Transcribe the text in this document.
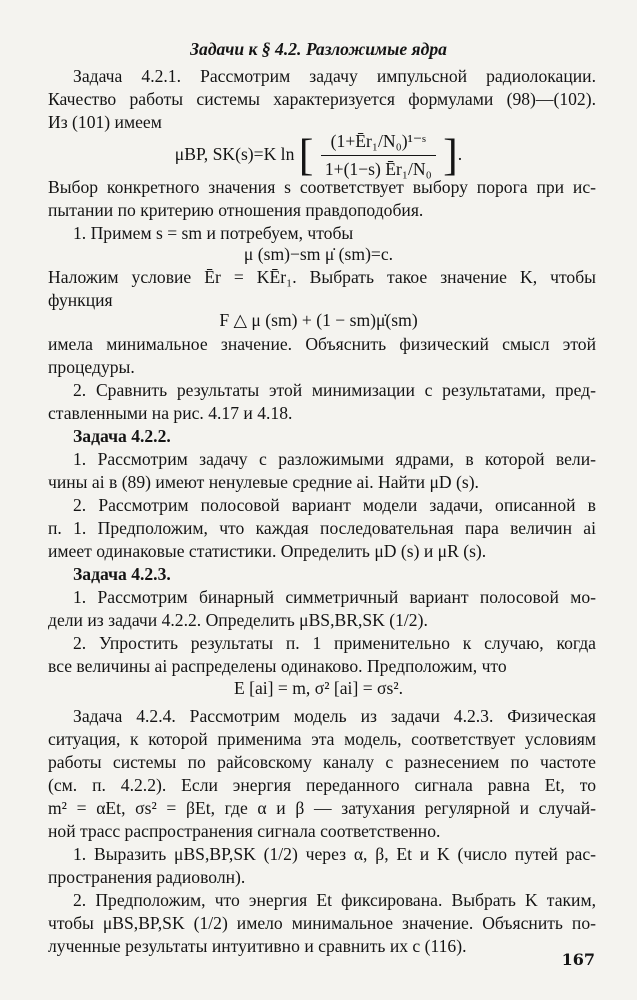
Задачи к § 4.2. Разложимые ядра
Задача 4.2.1. Рассмотрим задачу импульсной радиолокации.
Качество работы системы характеризуется формулами (98)—(102).
Из (101) имеем
μBP, SK(s)=K ln [ $\frac{\text{(1+Ēr₁/N₀)¹⁻ˢ}}{\text{1+(1−s) Ēr₁/N₀}}$ ].
Выбор конкретного значения s соответствует выбору порога при ис-
пытании по критерию отношения правдоподобия.
1. Примем s = sm и потребуем, чтобы
μ (sm)−sm μ̇ (sm)=c.
Наложим условие Ēr = KĒr₁. Выбрать такое значение K, чтобы
функция
F △ μ (sm) + (1 − sm)μ̇(sm)
имела минимальное значение. Объяснить физический смысл этой
процедуры.
2. Сравнить результаты этой минимизации с результатами, пред-
ставленными на рис. 4.17 и 4.18.
Задача 4.2.2.
1. Рассмотрим задачу с разложимыми ядрами, в которой вели-
чины ai в (89) имеют ненулевые средние ai. Найти μD (s).
2. Рассмотрим полосовой вариант модели задачи, описанной в
п. 1. Предположим, что каждая последовательная пара величин ai
имеет одинаковые статистики. Определить μD (s) и μR (s).
Задача 4.2.3.
1. Рассмотрим бинарный симметричный вариант полосовой мо-
дели из задачи 4.2.2. Определить μBS,BR,SK (1/2).
2. Упростить результаты п. 1 применительно к случаю, когда
все величины ai распределены одинаково. Предположим, что
E [ai] = m, σ² [ai] = σs².
Задача 4.2.4. Рассмотрим модель из задачи 4.2.3. Физическая
ситуация, к которой применима эта модель, соответствует условиям
работы системы по райсовскому каналу с разнесением по частоте
(см. п. 4.2.2). Если энергия переданного сигнала равна Et, то
m² = αEt, σs² = βEt, где α и β — затухания регулярной и случай-
ной трасс распространения сигнала соответственно.
1. Выразить μBS,BP,SK (1/2) через α, β, Et и K (число путей рас-
пространения радиоволн).
2. Предположим, что энергия Et фиксирована. Выбрать K таким,
чтобы μBS,BP,SK (1/2) имело минимальное значение. Объяснить по-
лученные результаты интуитивно и сравнить их с (116).
167
